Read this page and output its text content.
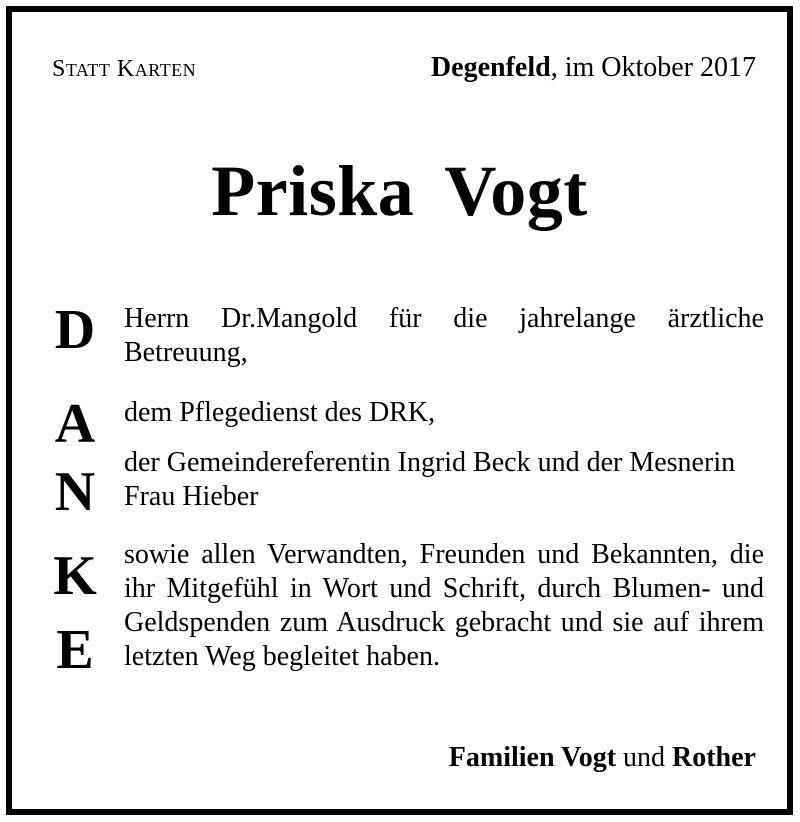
STATT KARTEN	Degenfeld, im Oktober 2017
Priska Vogt
D
A
N
K
E
Herrn Dr.Mangold für die jahrelange ärztliche Betreuung,
dem Pflegedienst des DRK,
der Gemeindereferentin Ingrid Beck und der Mesnerin Frau Hieber
sowie allen Verwandten, Freunden und Bekannten, die ihr Mitgefühl in Wort und Schrift, durch Blumen- und Geldspenden zum Ausdruck gebracht und sie auf ihrem letzten Weg begleitet haben.
Familien Vogt und Rother
